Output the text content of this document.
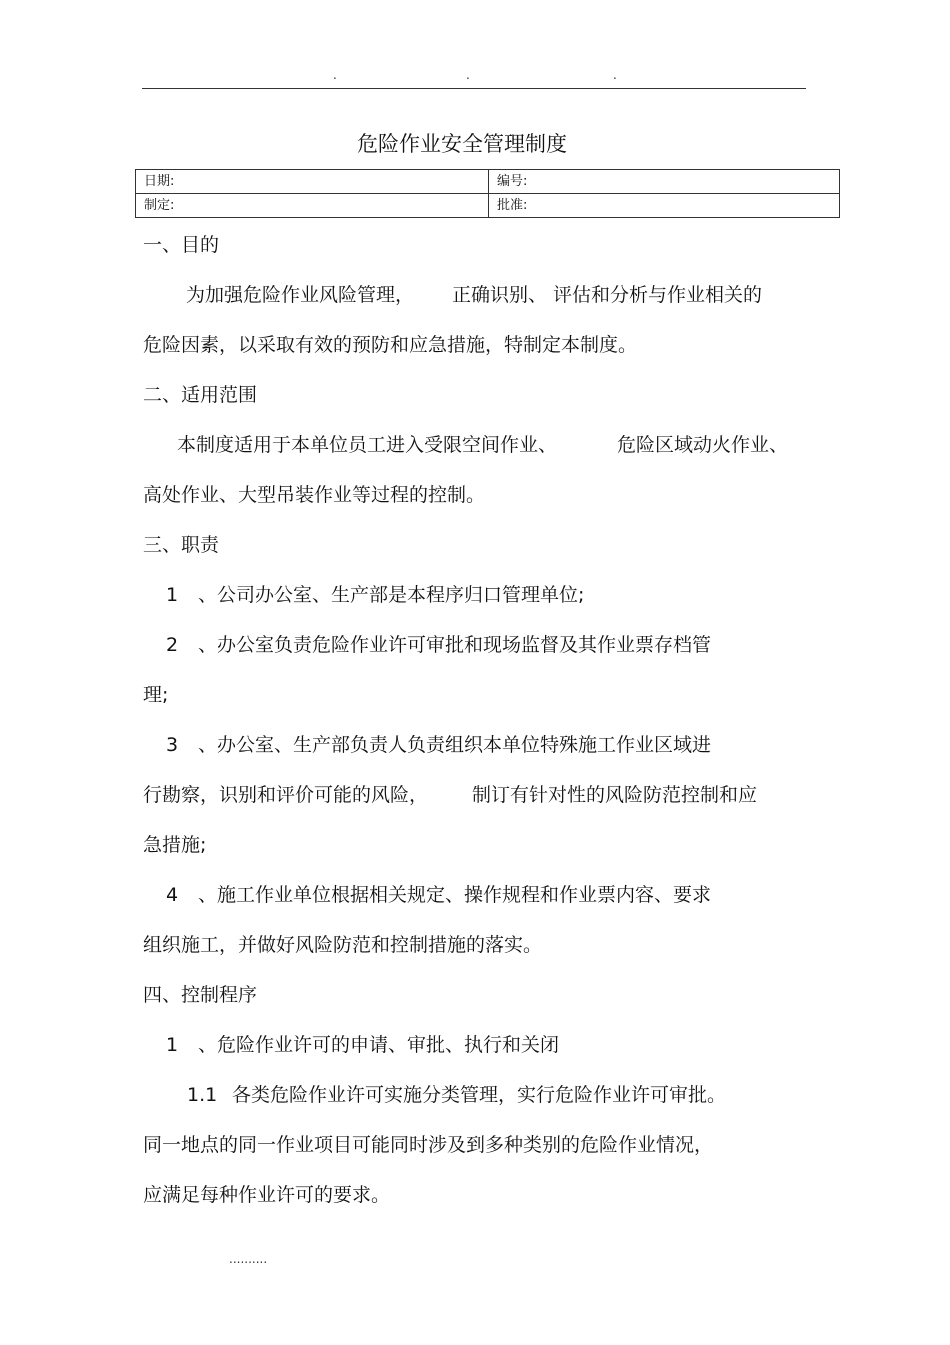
.	.	.
危险作业安全管理制度
日期:	编号:
制定:	批准:
一、目的
为加强危险作业风险管理， 正确识别、 评估和分析与作业相关的
危险因素，以采取有效的预防和应急措施，特制定本制度。
二、适用范围
本制度适用于本单位员工进入受限空间作业、	危险区域动火作业、
高处作业、大型吊装作业等过程的控制。
三、职责
1 、公司办公室、生产部是本程序归口管理单位;
2 、办公室负责危险作业许可审批和现场监督及其作业票存档管
理;
3 、办公室、生产部负责人负责组织本单位特殊施工作业区域进
行勘察，识别和评价可能的风险， 制订有针对性的风险防范控制和应
急措施;
4 、施工作业单位根据相关规定、操作规程和作业票内容、要求
组织施工，并做好风险防范和控制措施的落实。
四、控制程序
1 、危险作业许可的申请、审批、执行和关闭
1.1 各类危险作业许可实施分类管理，实行危险作业许可审批。
同一地点的同一作业项目可能同时涉及到多种类别的危险作业情况，
应满足每种作业许可的要求。
..........
